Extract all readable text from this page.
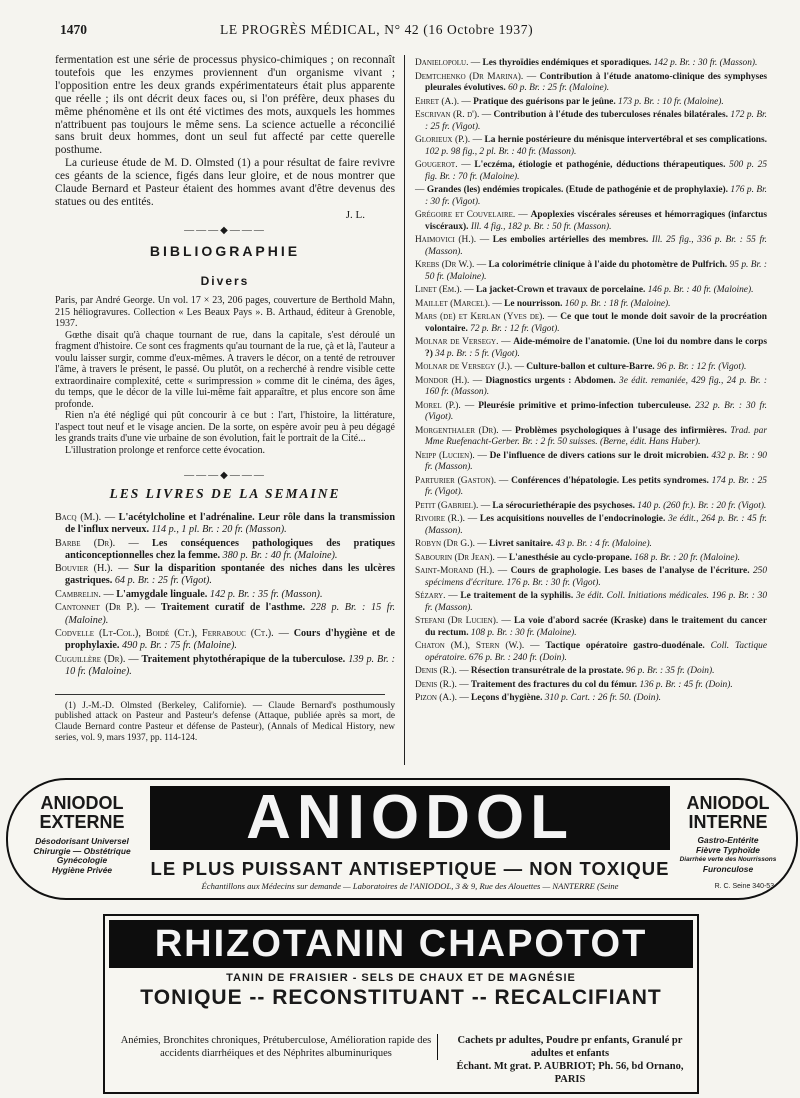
1470	LE PROGRÈS MÉDICAL, N° 42 (16 Octobre 1937)

fermentation est une série de processus physico-chimiques ; on reconnaît toutefois que les enzymes proviennent d'un organisme vivant ; l'opposition entre les deux grands expérimentateurs était plus apparente que réelle ; ils ont décrit deux faces ou, si l'on préfère, deux phases du même phénomène et ils ont été victimes des mots, auxquels les hommes n'attribuent pas toujours le même sens. La science actuelle a réconcilié sans bruit deux hommes, dont un seul fut affecté par cette querelle posthume.

La curieuse étude de M. D. Olmsted (1) a pour résultat de faire revivre ces géants de la science, figés dans leur gloire, et de nous montrer que Claude Bernard et Pasteur étaient des hommes avant d'être devenus des statues ou des entités.

J. L.
———◆———
BIBLIOGRAPHIE
Divers

Paris, par André George. Un vol. 17 × 23, 206 pages, couverture de Berthold Mahn, 215 héliogravures. Collection « Les Beaux Pays ». B. Arthaud, éditeur à Grenoble, 1937.

Gœthe disait qu'à chaque tournant de rue, dans la capitale, s'est déroulé un fragment d'histoire. Ce sont ces fragments qu'au tournant de la rue, çà et là, l'auteur a voulu laisser surgir, comme d'eux-mêmes. A travers le décor, on a tenté de retrouver l'âme, à travers le présent, le passé. Ou plutôt, on a recherché à rendre visible cette extraordinaire complexité, cette « surimpression » comme dit le cinéma, des âges, du temps, que le décor de la ville lui-même fait apparaître, et plus encore son âme profonde.

Rien n'a été négligé qui pût concourir à ce but : l'art, l'histoire, la littérature, l'aspect tout neuf et le visage ancien. De la sorte, on espère avoir peu à peu dégagé les grands traits d'une vie urbaine de son évolution, fait le portrait de la Cité...

L'illustration prolonge et renforce cette évocation.

———◆———
LES LIVRES DE LA SEMAINE
Bacq (M.). — L'acétylcholine et l'adrénaline. Leur rôle dans la transmission de l'influx nerveux. 114 p., 1 pl. Br. : 20 fr. (Masson).
Barbe (Dr). — Les conséquences pathologiques des pratiques anticonceptionnelles chez la femme. 380 p. Br. : 40 fr. (Maloine).
Bouvier (H.). — Sur la disparition spontanée des niches dans les ulcères gastriques. 64 p. Br. : 25 fr. (Vigot).
Cambrelin. — L'amygdale linguale. 142 p. Br. : 35 fr. (Masson).
Cantonnet (Dr P.). — Traitement curatif de l'asthme. 228 p. Br. : 15 fr. (Maloine).
Codvelle (Lt-Col.), Boidé (Ct.), Ferrabouc (Ct.). — Cours d'hygiène et de prophylaxie. 490 p. Br. : 75 fr. (Maloine).
Cuguillère (Dr). — Traitement phytothérapique de la tuberculose. 139 p. Br. : 10 fr. (Maloine).

(1) J.-M.-D. Olmsted (Berkeley, Californie). — Claude Bernard's posthumously published attack on Pasteur and Pasteur's defense (Attaque, publiée après sa mort, de Claude Bernard contre Pasteur et défense de Pasteur), (Annals of Medical History, new series, vol. 9, mars 1937, pp. 114-124.

Danielopolu. — Les thyroïdies endémiques et sporadiques. 142 p. Br. : 30 fr. (Masson).
Demtchenko (Dr Marina). — Contribution à l'étude anatomo-clinique des symphyses pleurales évolutives. 60 p. Br. : 25 fr. (Maloine).
Ehret (A.). — Pratique des guérisons par le jeûne. 173 p. Br. : 10 fr. (Maloine).
Escrivan (R. d'). — Contribution à l'étude des tuberculoses rénales bilatérales. 172 p. Br. : 25 fr. (Vigot).
Glorieux (P.). — La hernie postérieure du ménisque intervertébral et ses complications. 102 p. 98 fig., 2 pl. Br. : 40 fr. (Masson).
Gougerot. — L'eczéma, étiologie et pathogénie, déductions thérapeutiques. 500 p. 25 fig. Br. : 70 fr. (Maloine).
— Grandes (les) endémies tropicales. (Etude de pathogénie et de prophylaxie). 176 p. Br. : 30 fr. (Vigot).
Grégoire et Couvelaire. — Apoplexies viscérales séreuses et hémorragiques (infarctus viscéraux). Ill. 4 fig., 182 p. Br. : 50 fr. (Masson).
Haimovici (H.). — Les embolies artérielles des membres. Ill. 25 fig., 336 p. Br. : 55 fr. (Masson).
Krebs (Dr W.). — La colorimétrie clinique à l'aide du photomètre de Pulfrich. 95 p. Br. : 50 fr. (Maloine).
Linet (Em.). — La jacket-Crown et travaux de porcelaine. 146 p. Br. : 40 fr. (Maloine).
Maillet (Marcel). — Le nourrisson. 160 p. Br. : 18 fr. (Maloine).
Mars (de) et Kerlan (Yves de). — Ce que tout le monde doit savoir de la procréation volontaire. 72 p. Br. : 12 fr. (Vigot).
Molnar de Versegy. — Aide-mémoire de l'anatomie. (Une loi du nombre dans le corps ?) 34 p. Br. : 5 fr. (Vigot).
Molnar de Versegy (J.). — Culture-ballon et culture-Barre. 96 p. Br. : 12 fr. (Vigot).
Mondor (H.). — Diagnostics urgents : Abdomen. 3e édit. remaniée, 429 fig., 24 p. Br. : 160 fr. (Masson).
Morel (P.). — Pleurésie primitive et primo-infection tuberculeuse. 232 p. Br. : 30 fr. (Vigot).
Morgenthaler (Dr). — Problèmes psychologiques à l'usage des infirmières. Trad. par Mme Ruefenacht-Gerber. Br. : 2 fr. 50 suisses. (Berne, édit. Hans Huber).
Neipp (Lucien). — De l'influence de divers cations sur le droit microbien. 432 p. Br. : 90 fr. (Masson).
Parturier (Gaston). — Conférences d'hépatologie. Les petits syndromes. 174 p. Br. : 25 fr. (Vigot).
Petit (Gabriel). — La sérocuriethérapie des psychoses. 140 p. (260 fr.). Br. : 20 fr. (Vigot).
Rivoire (R.). — Les acquisitions nouvelles de l'endocrinologie. 3e édit., 264 p. Br. : 45 fr. (Masson).
Robyn (Dr G.). — Livret sanitaire. 43 p. Br. : 4 fr. (Maloine).
Sabourin (Dr Jean). — L'anesthésie au cyclo-propane. 168 p. Br. : 20 fr. (Maloine).
Saint-Morand (H.). — Cours de graphologie. Les bases de l'analyse de l'écriture. 250 spécimens d'écriture. 176 p. Br. : 30 fr. (Vigot).
Sézary. — Le traitement de la syphilis. 3e édit. Coll. Initiations médicales. 196 p. Br. : 30 fr. (Masson).
Stefani (Dr Lucien). — La voie d'abord sacrée (Kraske) dans le traitement du cancer du rectum. 108 p. Br. : 30 fr. (Maloine).
Chaton (M.), Stern (W.). — Tactique opératoire gastro-duodénale. Coll. Tactique opératoire. 676 p. Br. : 240 fr. (Doin).
Denis (R.). — Résection transurétrale de la prostate. 96 p. Br. : 35 fr. (Doin).
Denis (R.). — Traitement des fractures du col du fémur. 136 p. Br. : 45 fr. (Doin).
Pizon (A.). — Leçons d'hygiène. 310 p. Cart. : 26 fr. 50. (Doin).
ANIODOL
EXTERNE
Désodorisant Universel
Chirurgie — Obstétrique
Gynécologie
Hygiène Privée
ANIODOL
LE PLUS PUISSANT ANTISEPTIQUE — NON TOXIQUE
Échantillons aux Médecins sur demande — Laboratoires de l'ANIODOL, 3 & 9, Rue des Alouettes — NANTERRE (Seine
ANIODOL
INTERNE
Gastro-Entérite
Fièvre Typhoïde
Diarrhée verte des Nourrissons
Furonculose
R. C. Seine 340-534
RHIZOTANIN CHAPOTOT
TANIN DE FRAISIER - SELS DE CHAUX ET DE MAGNÉSIE
TONIQUE -- RECONSTITUANT -- RECALCIFIANT
Anémies, Bronchites chroniques, Prétuberculose, Amélioration rapide des accidents diarrhéiques et des Néphrites albuminuriques
Cachets pr adultes, Poudre pr enfants, Granulé pr adultes et enfants
Échant. Mt grat. P. AUBRIOT; Ph. 56, bd Ornano, PARIS
